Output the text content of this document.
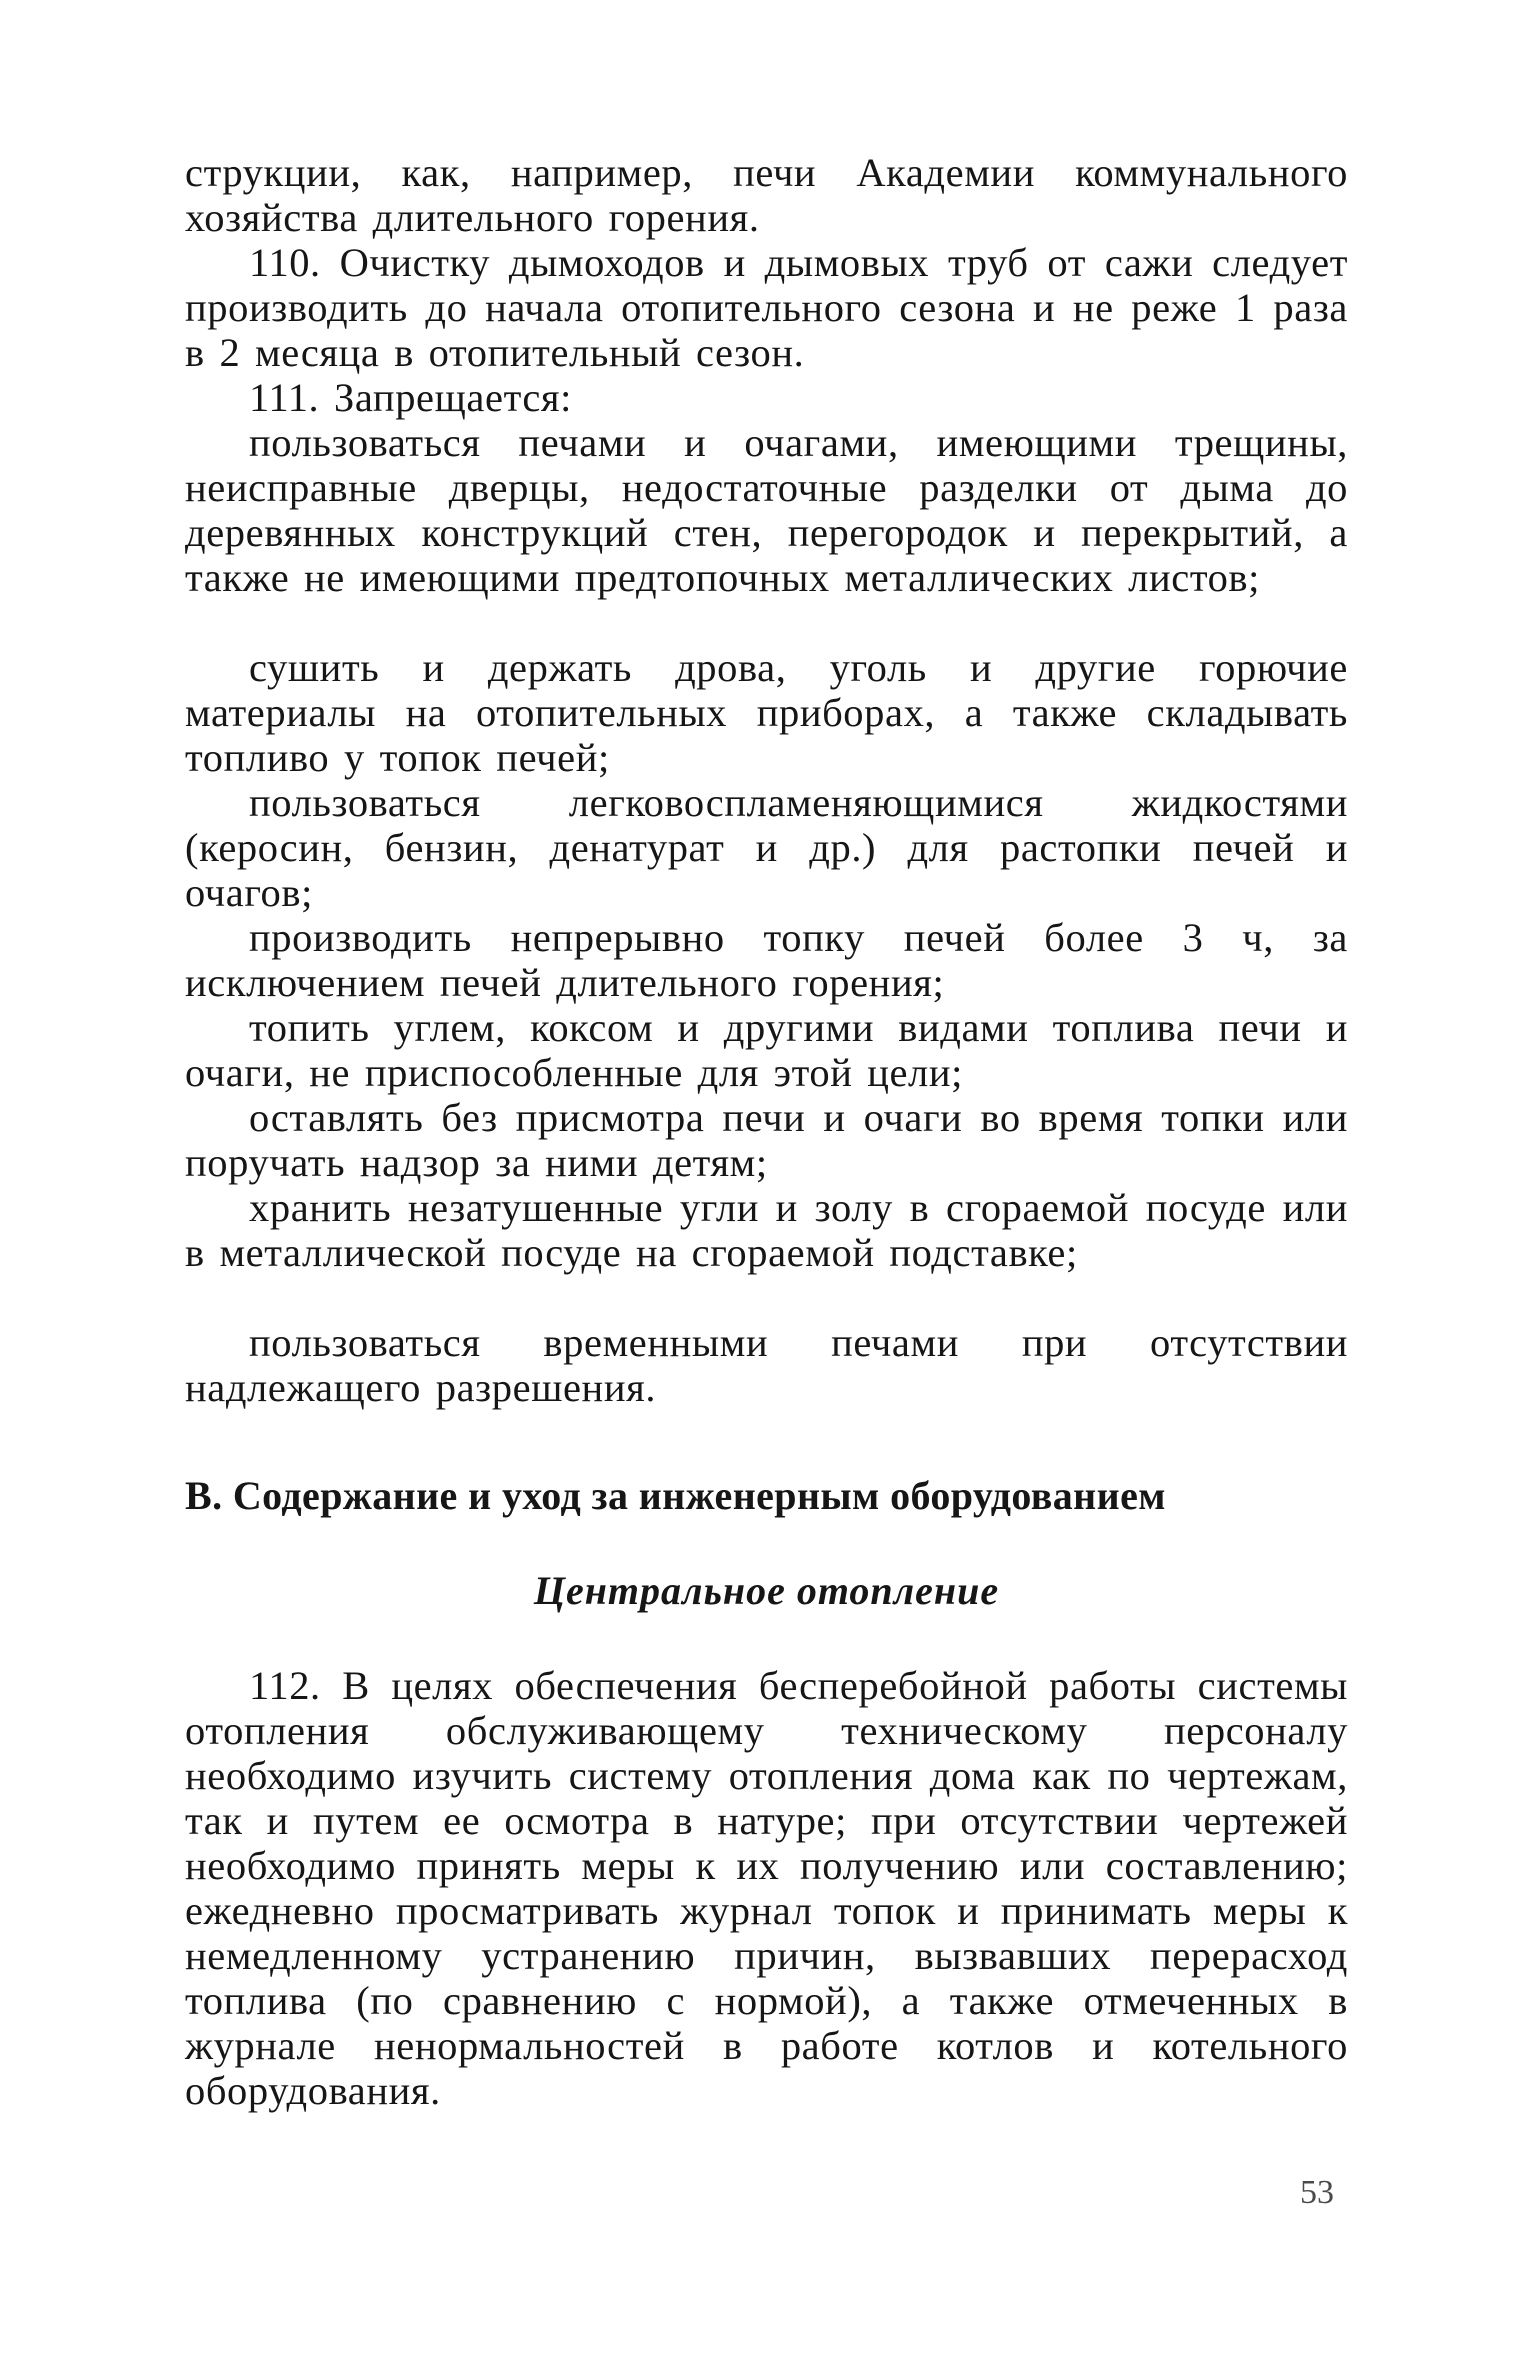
струкции, как, например, печи Академии коммунального хозяйства длительного горения.

110. Очистку дымоходов и дымовых труб от сажи следует производить до начала отопительного сезона и не реже 1 раза в 2 месяца в отопительный сезон.

111. Запрещается:

пользоваться печами и очагами, имеющими трещины, неисправные дверцы, недостаточные разделки от дыма до деревянных конструкций стен, перегородок и перекрытий, а также не имеющими предтопочных металлических листов;

сушить и держать дрова, уголь и другие горючие материалы на отопительных приборах, а также складывать топливо у топок печей;

пользоваться легковоспламеняющимися жидкостями (керосин, бензин, денатурат и др.) для растопки печей и очагов;

производить непрерывно топку печей более 3 ч, за исключением печей длительного горения;

топить углем, коксом и другими видами топлива печи и очаги, не приспособленные для этой цели;

оставлять без присмотра печи и очаги во время топки или поручать надзор за ними детям;

хранить незатушенные угли и золу в сгораемой посуде или в металлической посуде на сгораемой подставке;

пользоваться временными печами при отсутствии надлежащего разрешения.

В. Содержание и уход за инженерным оборудованием
Центральное отопление

112. В целях обеспечения бесперебойной работы системы отопления обслуживающему техническому персоналу необходимо изучить систему отопления дома как по чертежам, так и путем ее осмотра в натуре; при отсутствии чертежей необходимо принять меры к их получению или составлению; ежедневно просматривать журнал топок и принимать меры к немедленному устранению причин, вызвавших перерасход топлива (по сравнению с нормой), а также отмеченных в журнале ненормальностей в работе котлов и котельного оборудования.

53
